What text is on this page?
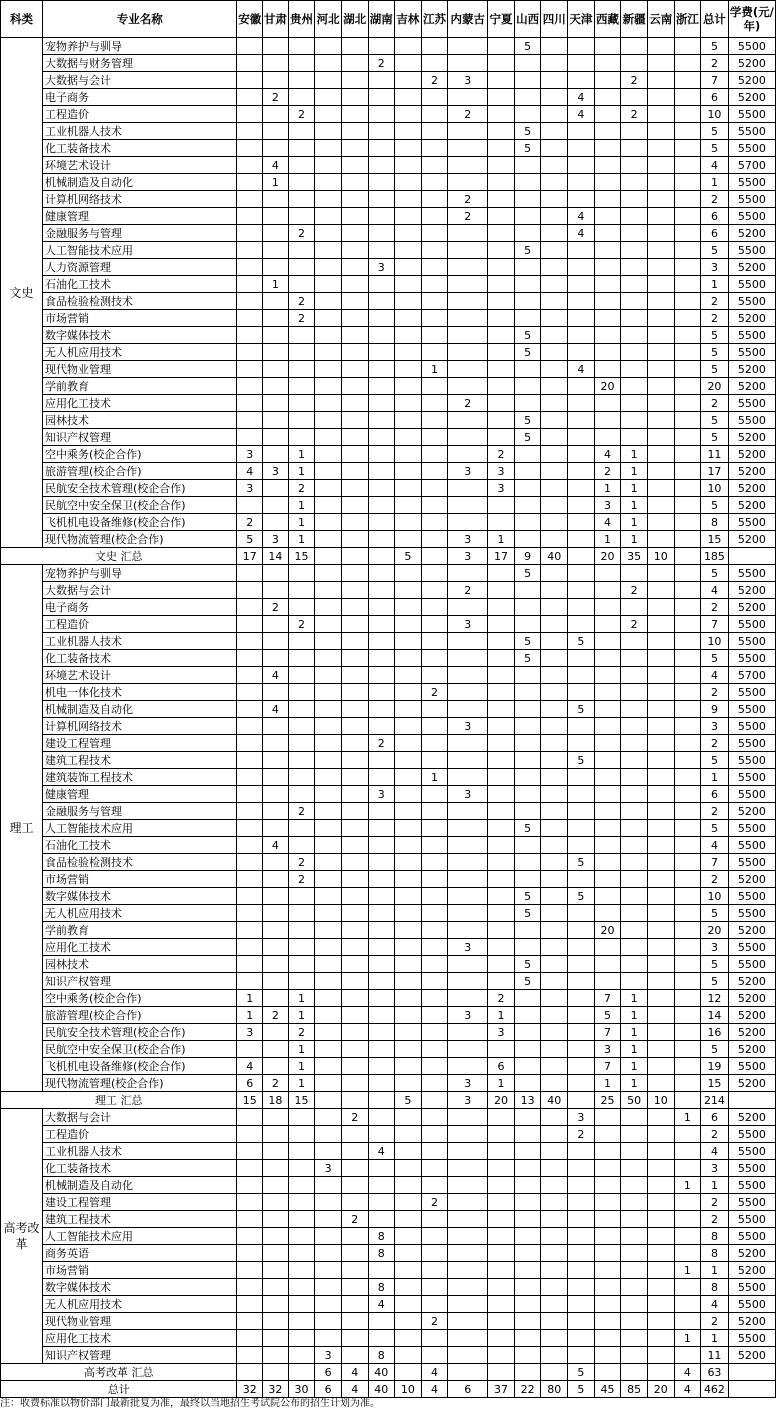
科类	专业名称	安徽	甘肃	贵州	河北	湖北	湖南	吉林	江苏	内蒙古	宁夏	山西	四川	天津	西藏	新疆	云南	浙江	总计	学费(元/年)
文史	宠物养护与驯导											5							5	5500
	大数据与财务管理						2												2	5200
	大数据与会计								2	3						2			7	5200
	电子商务		2											4					6	5200
	工程造价			2						2				4		2			10	5500
	工业机器人技术											5							5	5500
	化工装备技术											5							5	5500
	环境艺术设计		4																4	5700
	机械制造及自动化		1																1	5500
	计算机网络技术									2									2	5500
	健康管理									2				4					6	5500
	金融服务与管理			2										4					6	5200
	人工智能技术应用											5							5	5500
	人力资源管理						3												3	5200
	石油化工技术		1																1	5500
	食品检验检测技术			2															2	5500
	市场营销			2															2	5200
	数字媒体技术											5							5	5500
	无人机应用技术											5							5	5500
	现代物业管理								1					4					5	5200
	学前教育														20				20	5200
	应用化工技术									2									2	5500
	园林技术											5							5	5500
	知识产权管理											5							5	5200
	空中乘务(校企合作)	3		1							2				4	1			11	5200
	旅游管理(校企合作)	4	3	1						3	3				2	1			17	5200
	民航安全技术管理(校企合作)	3		2							3				1	1			10	5200
	民航空中安全保卫(校企合作)			1											3	1			5	5200
	飞机机电设备维修(校企合作)	2		1											4	1			8	5500
	现代物流管理(校企合作)	5	3	1						3	1				1	1			15	5200
文史 汇总		17	14	15				5		3	17	9	40		20	35	10		185	
理工	宠物养护与驯导											5							5	5500
	大数据与会计									2						2			4	5200
	电子商务		2																2	5200
	工程造价			2						3						2			7	5500
	工业机器人技术											5		5					10	5500
	化工装备技术											5							5	5500
	环境艺术设计		4																4	5700
	机电一体化技术								2										2	5500
	机械制造及自动化		4											5					9	5500
	计算机网络技术									3									3	5500
	建设工程管理						2												2	5500
	建筑工程技术													5					5	5500
	建筑装饰工程技术								1										1	5500
	健康管理						3			3									6	5500
	金融服务与管理			2															2	5200
	人工智能技术应用											5							5	5500
	石油化工技术		4																4	5500
	食品检验检测技术			2										5					7	5500
	市场营销			2															2	5200
	数字媒体技术											5		5					10	5500
	无人机应用技术											5							5	5500
	学前教育														20				20	5200
	应用化工技术									3									3	5500
	园林技术											5							5	5500
	知识产权管理											5							5	5200
	空中乘务(校企合作)	1		1							2				7	1			12	5200
	旅游管理(校企合作)	1	2	1						3	1				5	1			14	5200
	民航安全技术管理(校企合作)	3		2							3				7	1			16	5200
	民航空中安全保卫(校企合作)			1											3	1			5	5200
	飞机机电设备维修(校企合作)	4		1							6				7	1			19	5500
	现代物流管理(校企合作)	6	2	1						3	1				1	1			15	5200
理工 汇总		15	18	15				5		3	20	13	40		25	50	10		214	
高考改革	大数据与会计					2								3				1	6	5200
	工程造价													2					2	5500
	工业机器人技术						4												4	5500
	化工装备技术				3														3	5500
	机械制造及自动化																	1	1	5500
	建设工程管理								2										2	5500
	建筑工程技术					2													2	5500
	人工智能技术应用						8												8	5500
	商务英语						8												8	5200
	市场营销																	1	1	5200
	数字媒体技术						8												8	5500
	无人机应用技术						4												4	5500
	现代物业管理								2										2	5200
	应用化工技术																	1	1	5500
	知识产权管理				3		8												11	5200
高考改革 汇总					6	4	40		4					5				4	63	
总计		32	32	30	6	4	40	10	4	6	37	22	80	5	45	85	20	4	462	
注：收费标准以物价部门最新批复为准，最终以当地招生考试院公布的招生计划为准。
